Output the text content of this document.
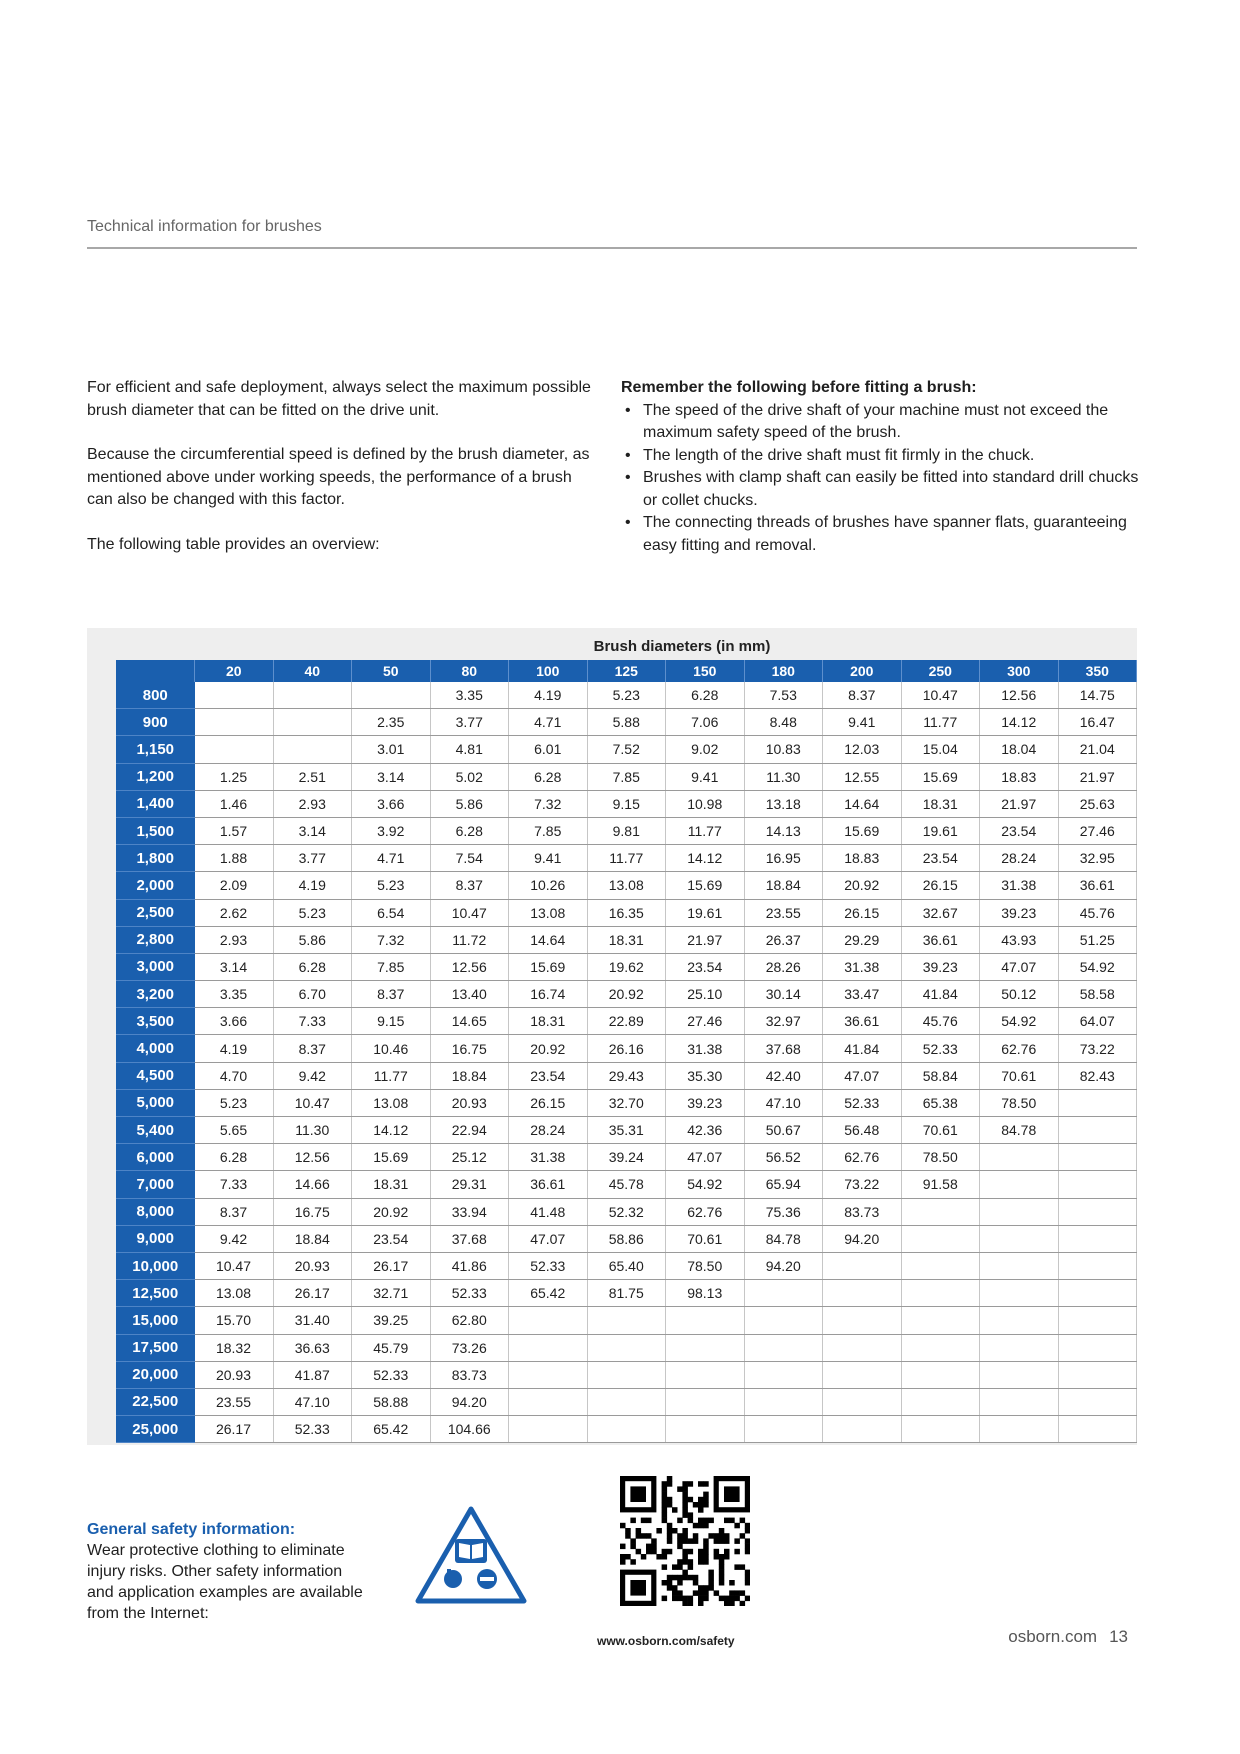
Technical information for brushes

For efficient and safe deployment, always select the maximum possible brush diameter that can be fitted on the drive unit.

Because the circumferential speed is defined by the brush diameter, as mentioned above under working speeds, the performance of a brush can also be changed with this factor.

The following table provides an overview:

Remember the following before fitting a brush:

• The speed of the drive shaft of your machine must not exceed the maximum safety speed of the brush.
• The length of the drive shaft must fit firmly in the chuck.
• Brushes with clamp shaft can easily be fitted into standard drill chucks or collet chucks.
• The connecting threads of brushes have spanner flats, guaranteeing easy fitting and removal.
Brush diameters (in mm)
	20	40	50	80	100	125	150	180	200	250	300	350
800				3.35	4.19	5.23	6.28	7.53	8.37	10.47	12.56	14.75
900			2.35	3.77	4.71	5.88	7.06	8.48	9.41	11.77	14.12	16.47
1,150			3.01	4.81	6.01	7.52	9.02	10.83	12.03	15.04	18.04	21.04
1,200	1.25	2.51	3.14	5.02	6.28	7.85	9.41	11.30	12.55	15.69	18.83	21.97
1,400	1.46	2.93	3.66	5.86	7.32	9.15	10.98	13.18	14.64	18.31	21.97	25.63
1,500	1.57	3.14	3.92	6.28	7.85	9.81	11.77	14.13	15.69	19.61	23.54	27.46
1,800	1.88	3.77	4.71	7.54	9.41	11.77	14.12	16.95	18.83	23.54	28.24	32.95
2,000	2.09	4.19	5.23	8.37	10.26	13.08	15.69	18.84	20.92	26.15	31.38	36.61
2,500	2.62	5.23	6.54	10.47	13.08	16.35	19.61	23.55	26.15	32.67	39.23	45.76
2,800	2.93	5.86	7.32	11.72	14.64	18.31	21.97	26.37	29.29	36.61	43.93	51.25
3,000	3.14	6.28	7.85	12.56	15.69	19.62	23.54	28.26	31.38	39.23	47.07	54.92
3,200	3.35	6.70	8.37	13.40	16.74	20.92	25.10	30.14	33.47	41.84	50.12	58.58
3,500	3.66	7.33	9.15	14.65	18.31	22.89	27.46	32.97	36.61	45.76	54.92	64.07
4,000	4.19	8.37	10.46	16.75	20.92	26.16	31.38	37.68	41.84	52.33	62.76	73.22
4,500	4.70	9.42	11.77	18.84	23.54	29.43	35.30	42.40	47.07	58.84	70.61	82.43
5,000	5.23	10.47	13.08	20.93	26.15	32.70	39.23	47.10	52.33	65.38	78.50	
5,400	5.65	11.30	14.12	22.94	28.24	35.31	42.36	50.67	56.48	70.61	84.78	
6,000	6.28	12.56	15.69	25.12	31.38	39.24	47.07	56.52	62.76	78.50		
7,000	7.33	14.66	18.31	29.31	36.61	45.78	54.92	65.94	73.22	91.58		
8,000	8.37	16.75	20.92	33.94	41.48	52.32	62.76	75.36	83.73			
9,000	9.42	18.84	23.54	37.68	47.07	58.86	70.61	84.78	94.20			
10,000	10.47	20.93	26.17	41.86	52.33	65.40	78.50	94.20				
12,500	13.08	26.17	32.71	52.33	65.42	81.75	98.13					
15,000	15.70	31.40	39.25	62.80								
17,500	18.32	36.63	45.79	73.26								
20,000	20.93	41.87	52.33	83.73								
22,500	23.55	47.10	58.88	94.20								
25,000	26.17	52.33	65.42	104.66								
General safety information:
Wear protective clothing to eliminate injury risks. Other safety information and application examples are available from the Internet:
www.osborn.com/safety	osborn.com 13
